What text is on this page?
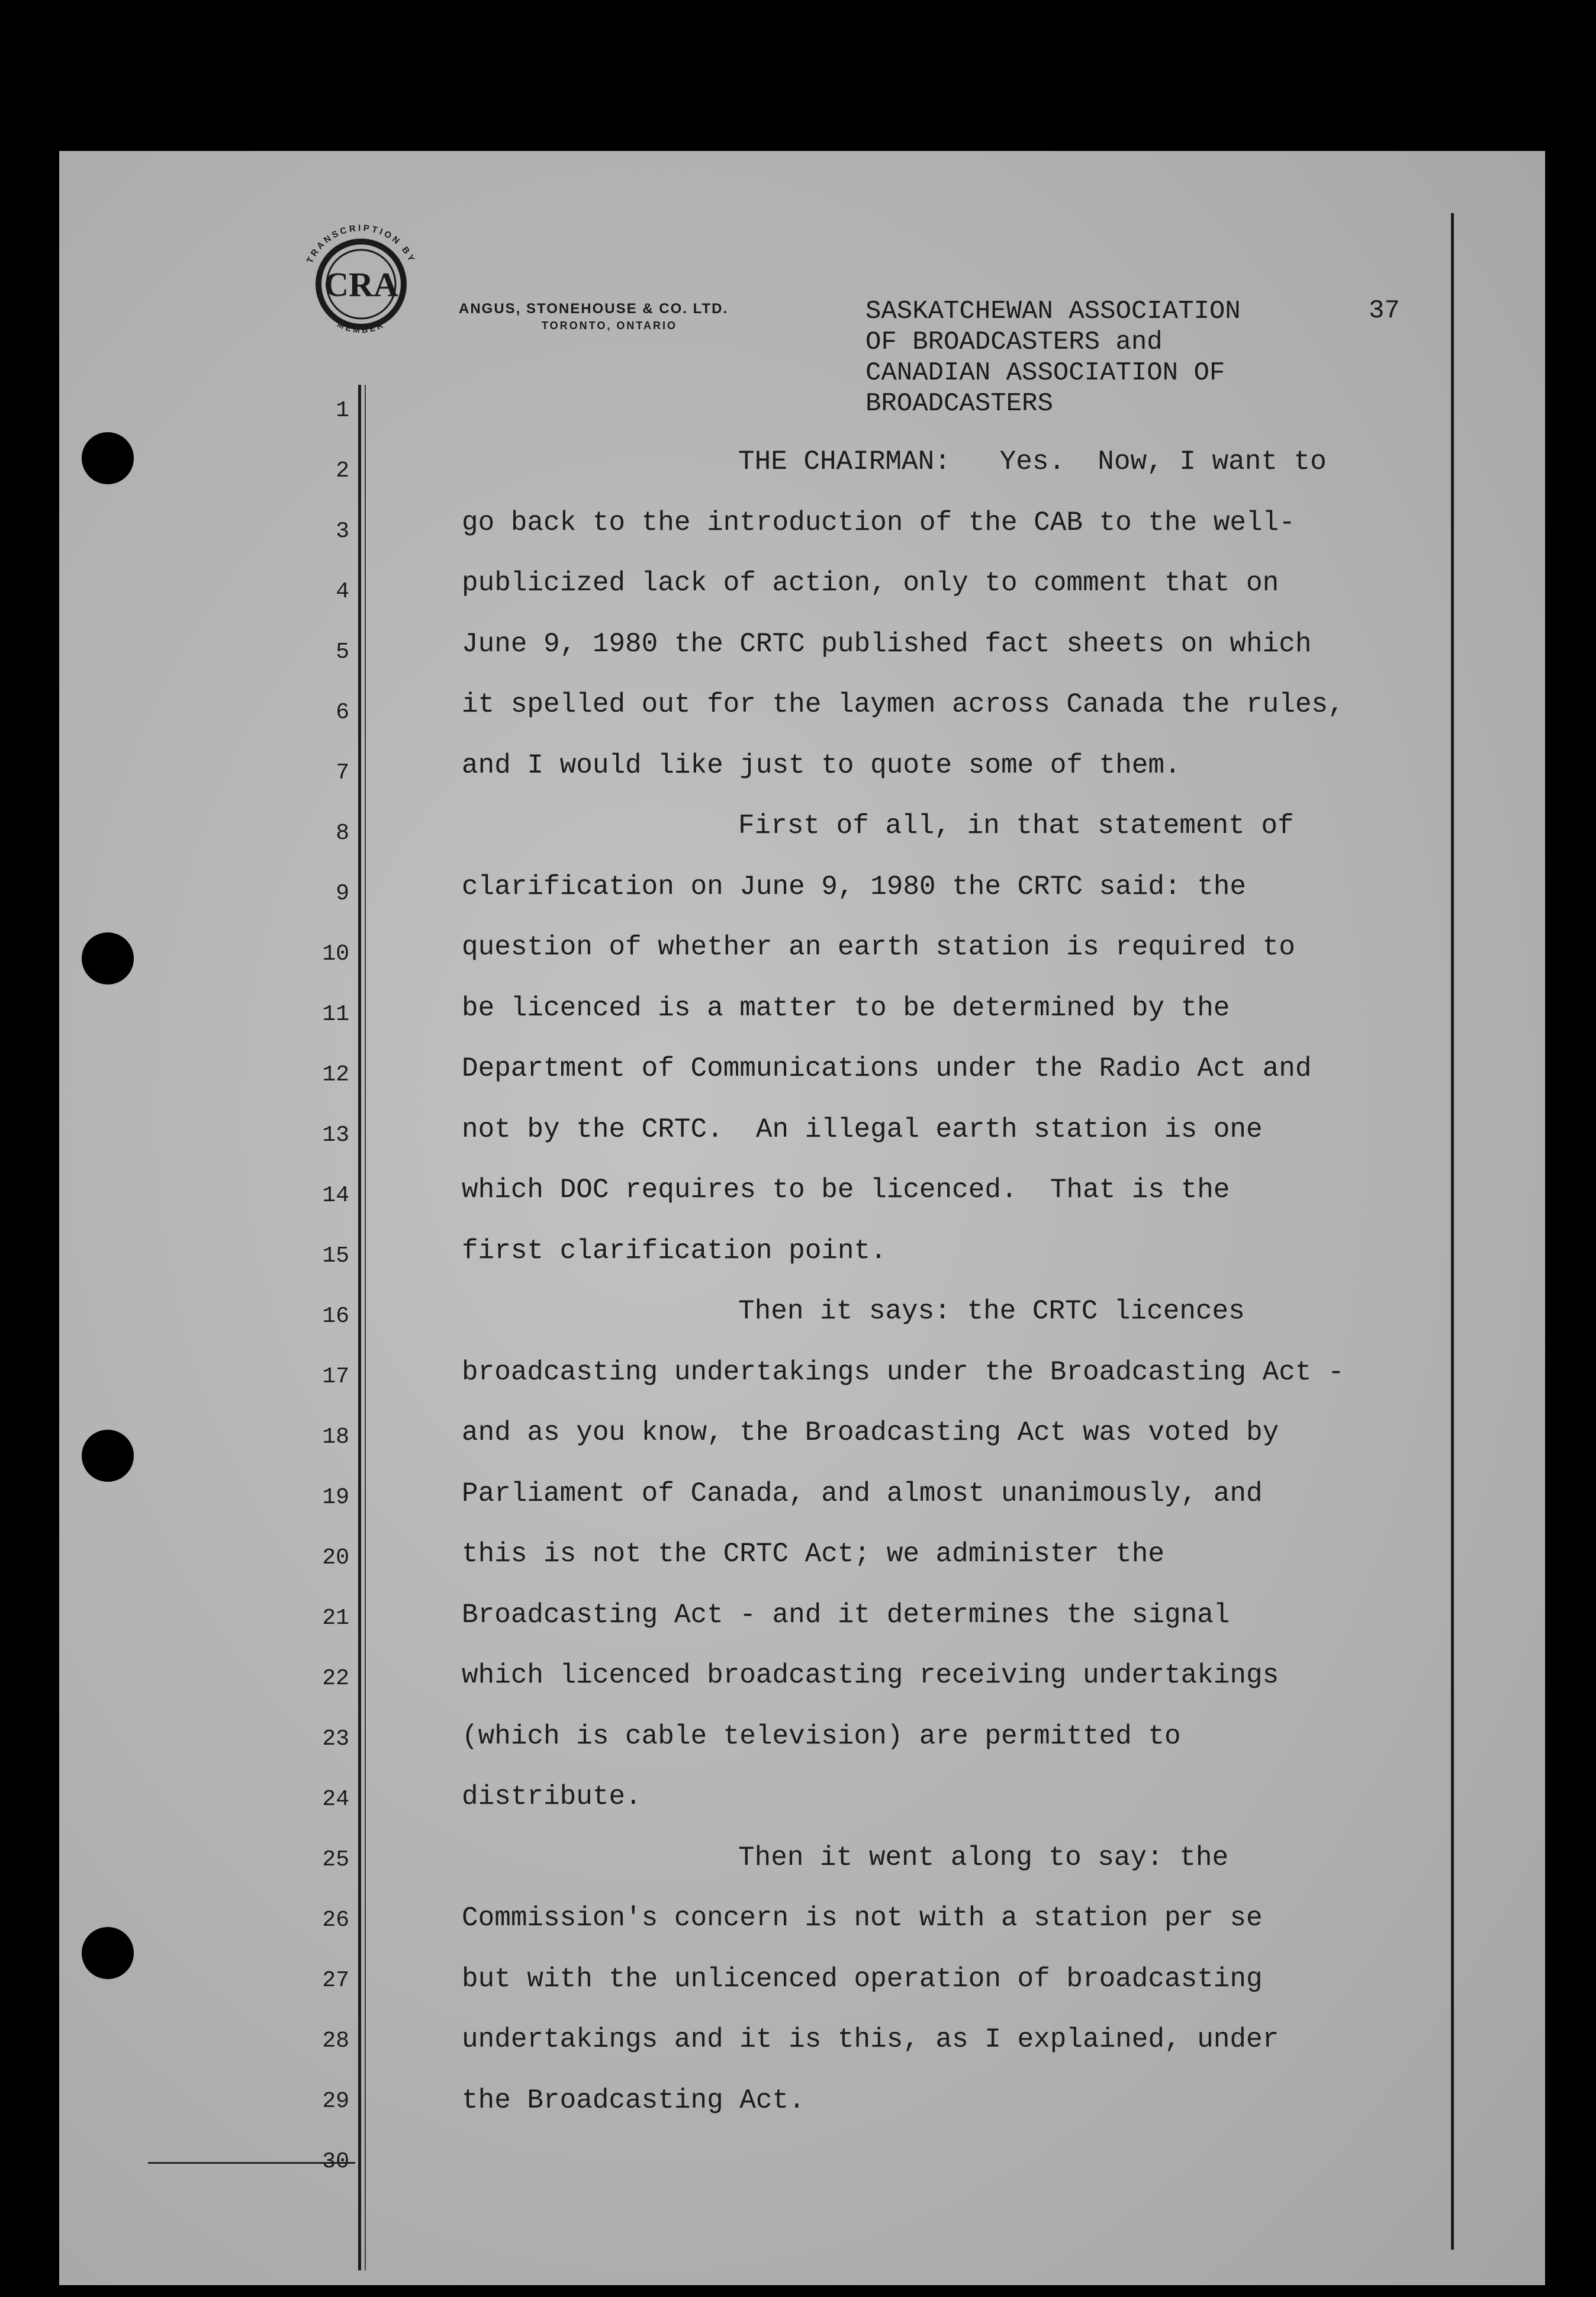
TRANSCRIPTION BY
MEMBER
CRA
ANGUS, STONEHOUSE & CO. LTD.
TORONTO, ONTARIO	SASKATCHEWAN ASSOCIATION
OF BROADCASTERS and
CANADIAN ASSOCIATION OF
BROADCASTERS
37
1
2
3
4
5
6
7
8
9
10
11
12
13
14
15
16
17
18
19
20
21
22
23
24
25
26
27
28
29
30
THE CHAIRMAN:   Yes.  Now, I want to
go back to the introduction of the CAB to the well-
publicized lack of action, only to comment that on
June 9, 1980 the CRTC published fact sheets on which
it spelled out for the laymen across Canada the rules,
and I would like just to quote some of them.
First of all, in that statement of
clarification on June 9, 1980 the CRTC said: the
question of whether an earth station is required to
be licenced is a matter to be determined by the
Department of Communications under the Radio Act and
not by the CRTC.  An illegal earth station is one
which DOC requires to be licenced.  That is the
first clarification point.
Then it says: the CRTC licences
broadcasting undertakings under the Broadcasting Act -
and as you know, the Broadcasting Act was voted by
Parliament of Canada, and almost unanimously, and
this is not the CRTC Act; we administer the
Broadcasting Act - and it determines the signal
which licenced broadcasting receiving undertakings
(which is cable television) are permitted to
distribute.
Then it went along to say: the
Commission's concern is not with a station per se
but with the unlicenced operation of broadcasting
undertakings and it is this, as I explained, under
the Broadcasting Act.
